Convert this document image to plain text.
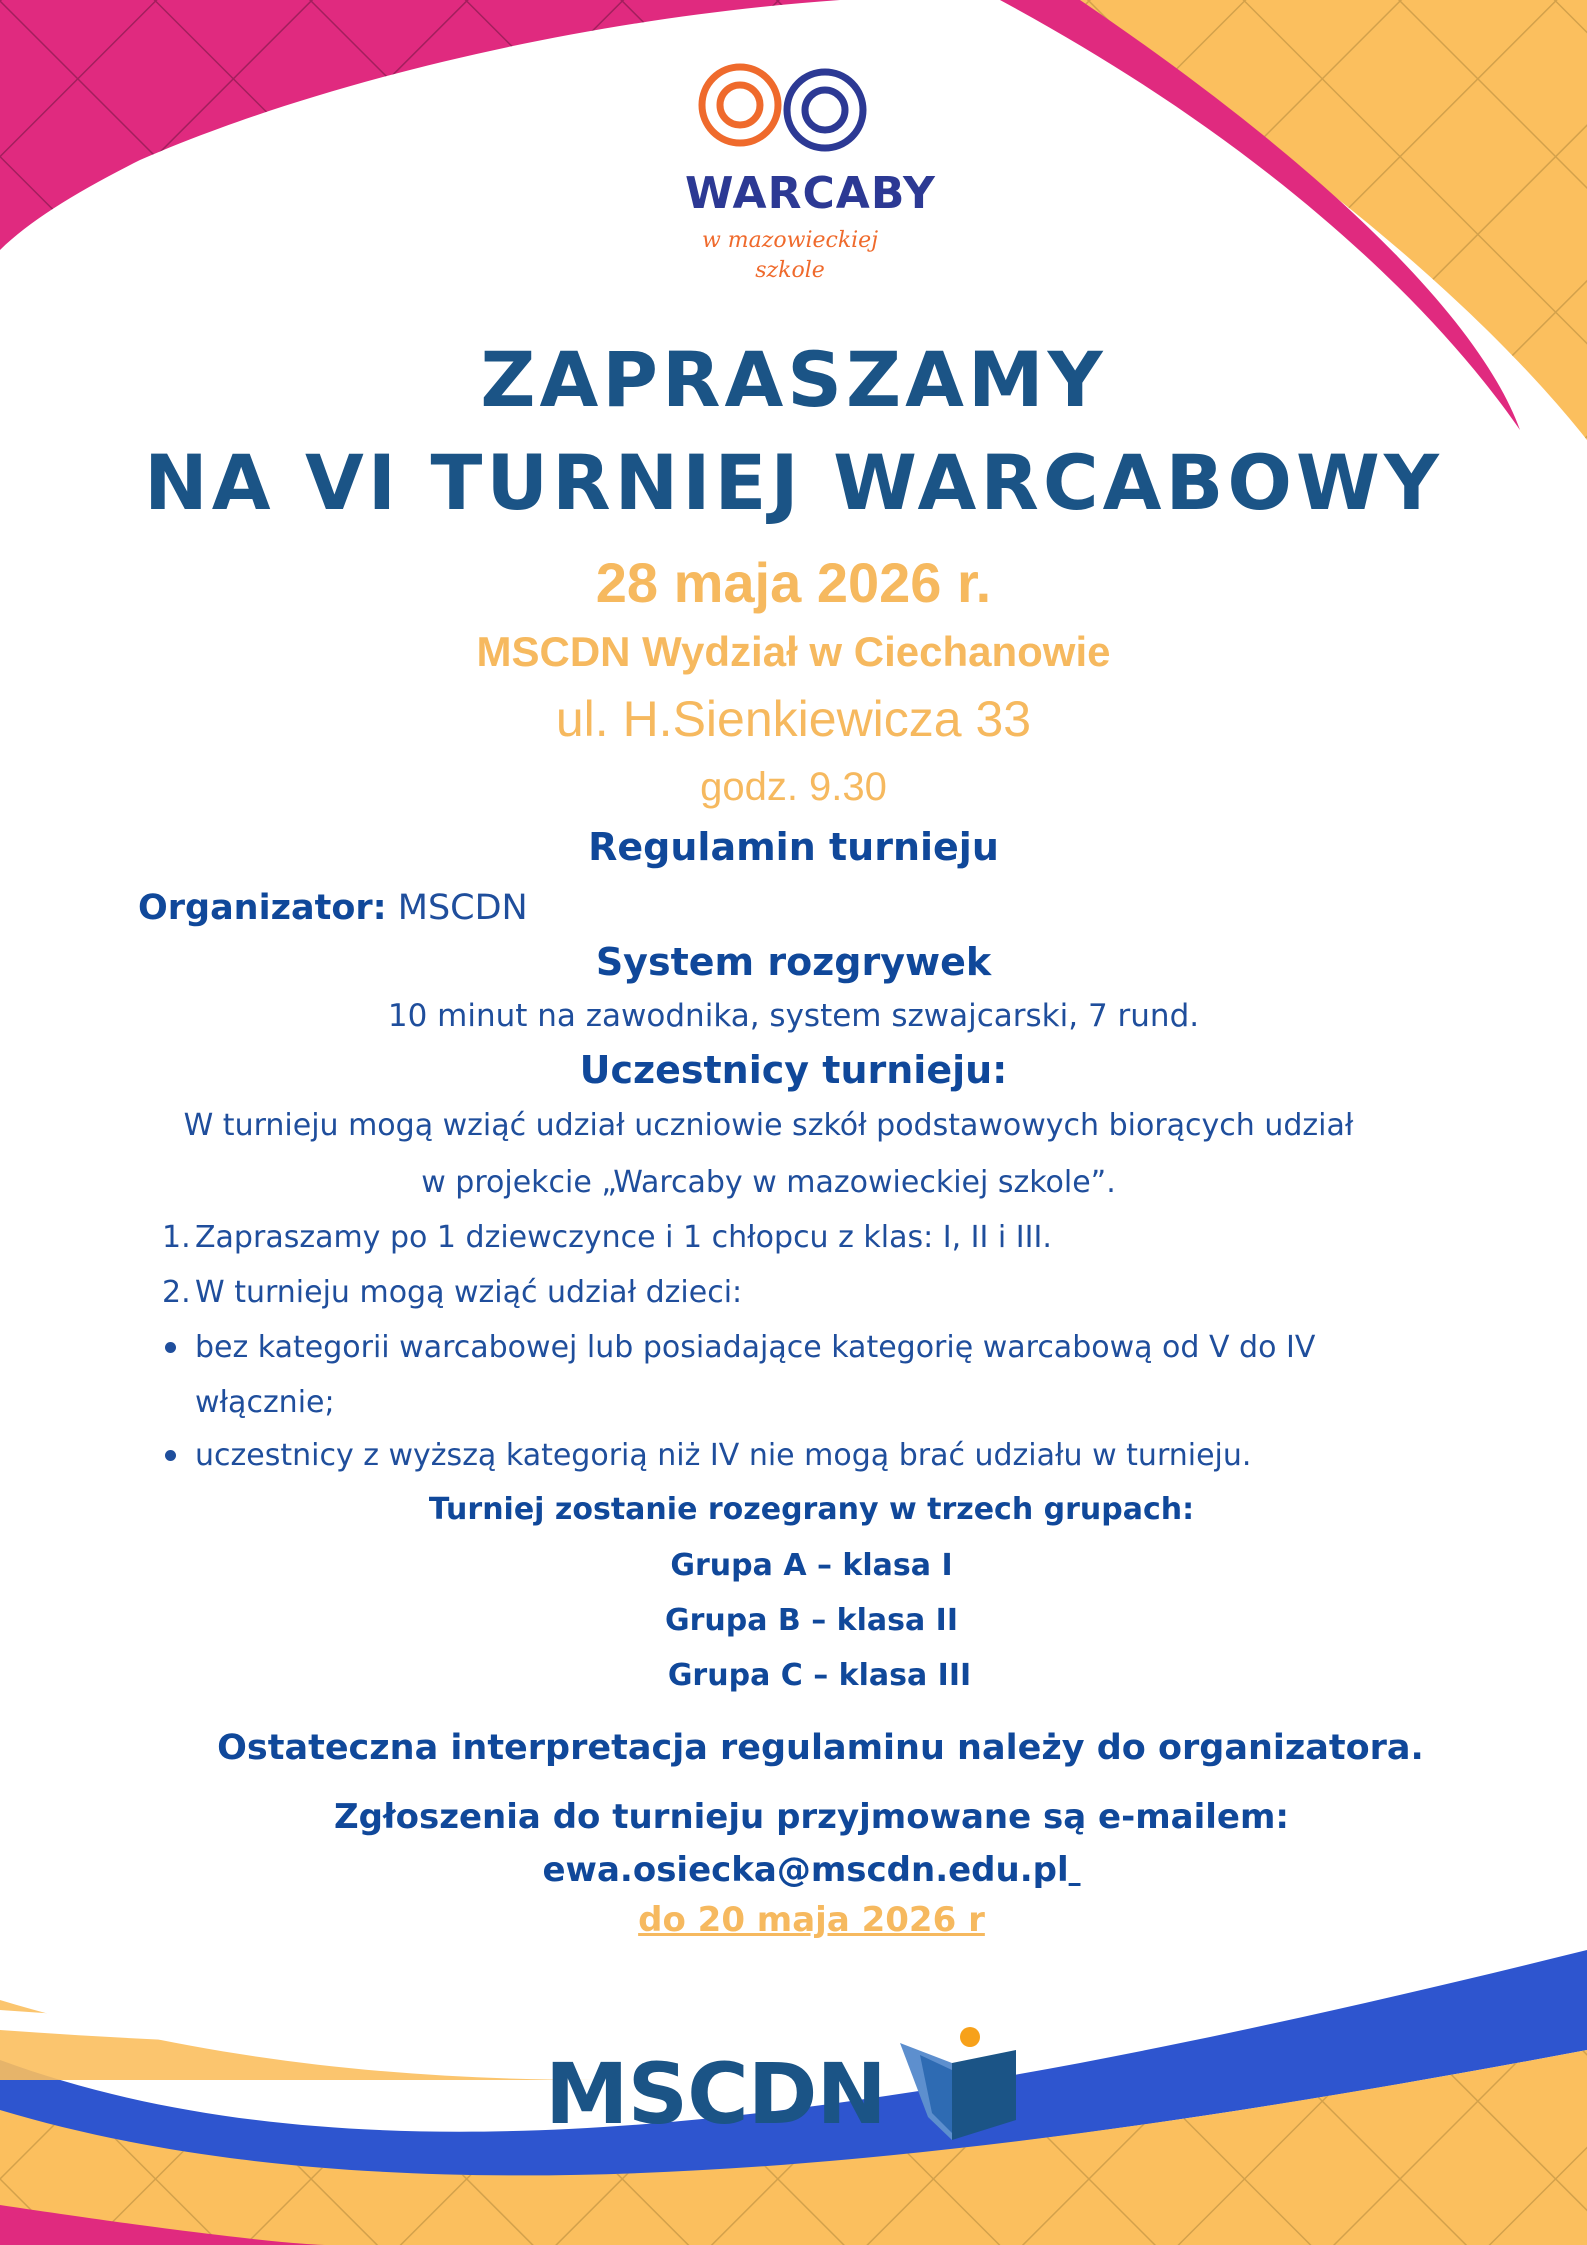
WARCABY
w mazowieckiej
szkole
ZAPRASZAMY
NA VI TURNIEJ WARCABOWY
28 maja 2026 r.
MSCDN Wydział w Ciechanowie
ul. H.Sienkiewicza 33
godz. 9.30
Regulamin turnieju
Organizator: MSCDN
System rozgrywek
10 minut na zawodnika, system szwajcarski, 7 rund.
Uczestnicy turnieju:
W turnieju mogą wziąć udział uczniowie szkół podstawowych biorących udział
w projekcie „Warcaby w mazowieckiej szkole”.
1. Zapraszamy po 1 dziewczynce i 1 chłopcu z klas: I, II i III.
2. W turnieju mogą wziąć udział dzieci:
bez kategorii warcabowej lub posiadające kategorię warcabową od V do IV
włącznie;
uczestnicy z wyższą kategorią niż IV nie mogą brać udziału w turnieju.
Turniej zostanie rozegrany w trzech grupach:
Grupa A – klasa I
Grupa B – klasa II
Grupa C – klasa III
Ostateczna interpretacja regulaminu należy do organizatora.
Zgłoszenia do turnieju przyjmowane są e-mailem:
ewa.osiecka@mscdn.edu.pl
do 20 maja 2026 r
MSCDN
